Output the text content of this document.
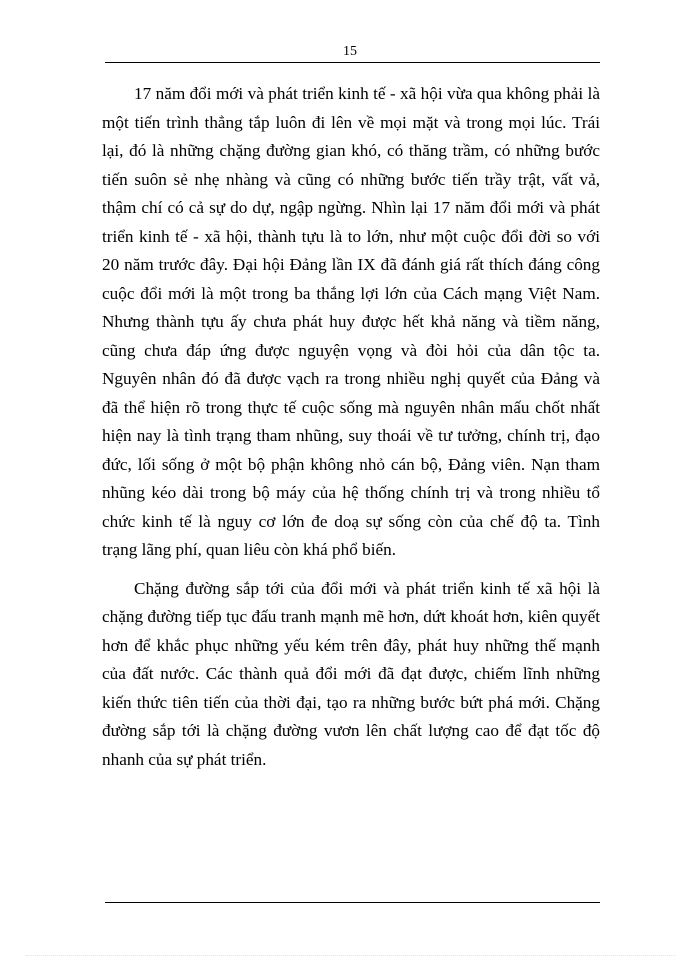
15

17 năm đổi mới và phát triển kinh tế - xã hội vừa qua không phải là một tiến trình thẳng tắp luôn đi lên về mọi mặt và trong mọi lúc. Trái lại, đó là những chặng đường gian khó, có thăng trầm, có những bước tiến suôn sẻ nhẹ nhàng và cũng có những bước tiến trầy trật, vất vả, thậm chí có cả sự do dự, ngập ngừng. Nhìn lại 17 năm đổi mới và phát triển kinh tế - xã hội, thành tựu là to lớn, như một cuộc đổi đời so với 20 năm trước đây. Đại hội Đảng lần IX đã đánh giá rất thích đáng công cuộc đổi mới là một trong ba thắng lợi lớn của Cách mạng Việt Nam. Nhưng thành tựu ấy chưa phát huy được hết khả năng và tiềm năng, cũng chưa đáp ứng được nguyện vọng và đòi hỏi của dân tộc ta. Nguyên nhân đó đã được vạch ra trong nhiều nghị quyết của Đảng và đã thể hiện rõ trong thực tế cuộc sống mà nguyên nhân mấu chốt nhất hiện nay là tình trạng tham nhũng, suy thoái về tư tưởng, chính trị, đạo đức, lối sống ở một bộ phận không nhỏ cán bộ, Đảng viên. Nạn tham nhũng kéo dài trong bộ máy của hệ thống chính trị và trong nhiều tổ chức kinh tế là nguy cơ lớn đe doạ sự sống còn của chế độ ta. Tình trạng lãng phí, quan liêu còn khá phổ biến.

Chặng đường sắp tới của đổi mới và phát triển kinh tế xã hội là chặng đường tiếp tục đấu tranh mạnh mẽ hơn, dứt khoát hơn, kiên quyết hơn để khắc phục những yếu kém trên đây, phát huy những thế mạnh của đất nước. Các thành quả đổi mới đã đạt được, chiếm lĩnh những kiến thức tiên tiến của thời đại, tạo ra những bước bứt phá mới. Chặng đường sắp tới là chặng đường vươn lên chất lượng cao để đạt tốc độ nhanh của sự phát triển.
